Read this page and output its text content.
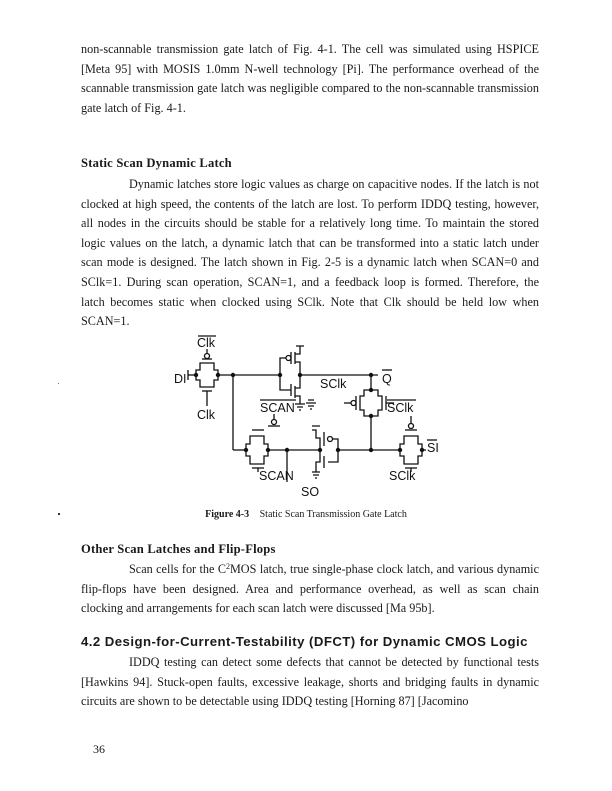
non-scannable transmission gate latch of Fig. 4-1. The cell was simulated using HSPICE [Meta 95] with MOSIS 1.0mm N-well technology [Pi]. The performance overhead of the scannable transmission gate latch was negligible compared to the non-scannable transmission gate latch of Fig. 4-1.

Static Scan Dynamic Latch

Dynamic latches store logic values as charge on capacitive nodes. If the latch is not clocked at high speed, the contents of the latch are lost. To perform IDDQ testing, however, all nodes in the circuits should be stable for a relatively long time. To maintain the stored logic values on the latch, a dynamic latch that can be transformed into a static latch under scan mode is designed. The latch shown in Fig. 2-5 is a dynamic latch when SCAN=0 and SClk=1. During scan operation, SCAN=1, and a feedback loop is formed. Therefore, the latch becomes static when clocked using SClk. Note that Clk should be held low when SCAN=1.

Clk
DI
Clk
Q
SCAN
SClk
SClk
SI
SCAN	SClk
SO
Figure 4-3 Static Scan Transmission Gate Latch
Other Scan Latches and Flip-Flops

Scan cells for the $C^2MOS$ latch, true single-phase clock latch, and various dynamic flip-flops have been designed. Area and performance overhead, as well as scan chain clocking and arrangements for each scan latch were discussed [Ma 95b].

4.2 Design-for-Current-Testability (DFCT) for Dynamic CMOS Logic

IDDQ testing can detect some defects that cannot be detected by functional tests [Hawkins 94]. Stuck-open faults, excessive leakage, shorts and bridging faults in dynamic circuits are shown to be detectable using IDDQ testing [Horning 87] [Jacomino

36
